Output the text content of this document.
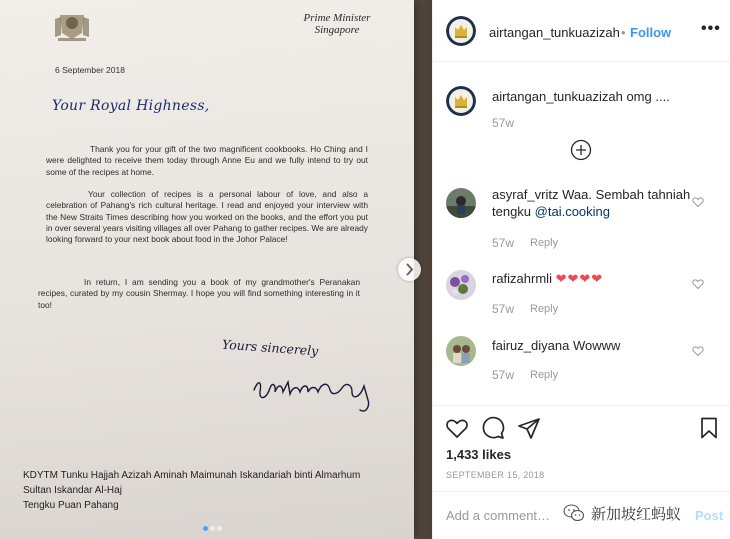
Prime Minister
Singapore
6 September 2018
Your Royal Highness,
Thank you for your gift of the two magnificent cookbooks. Ho Ching and I were delighted to receive them today through Anne Eu and we fully intend to try out some of the recipes at home.
Your collection of recipes is a personal labour of love, and also a celebration of Pahang's rich cultural heritage. I read and enjoyed your interview with the New Straits Times describing how you worked on the books, and the effort you put in over several years visiting villages all over Pahang to gather recipes. We are already looking forward to your next book about food in the Johor Palace!
In return, I am sending you a book of my grandmother's Peranakan recipes, curated by my cousin Shermay. I hope you will find something interesting in it too!
Yours sincerely
KDYTM Tunku Hajjah Azizah Aminah Maimunah Iskandariah binti Almarhum
Sultan Iskandar Al-Haj
Tengku Puan Pahang
airtangan_tunkuazizah • Follow •••
airtangan_tunkuazizah omg ....
57w
asyraf_vritz Waa. Sembah tahniah tengku @tai.cooking
57w Reply
rafizahrmli ❤❤❤❤
57w Reply
fairuz_diyana Wowww
57w Reply
1,433 likes
SEPTEMBER 15, 2018
Add a comment…
Post
新加坡红蚂蚁
